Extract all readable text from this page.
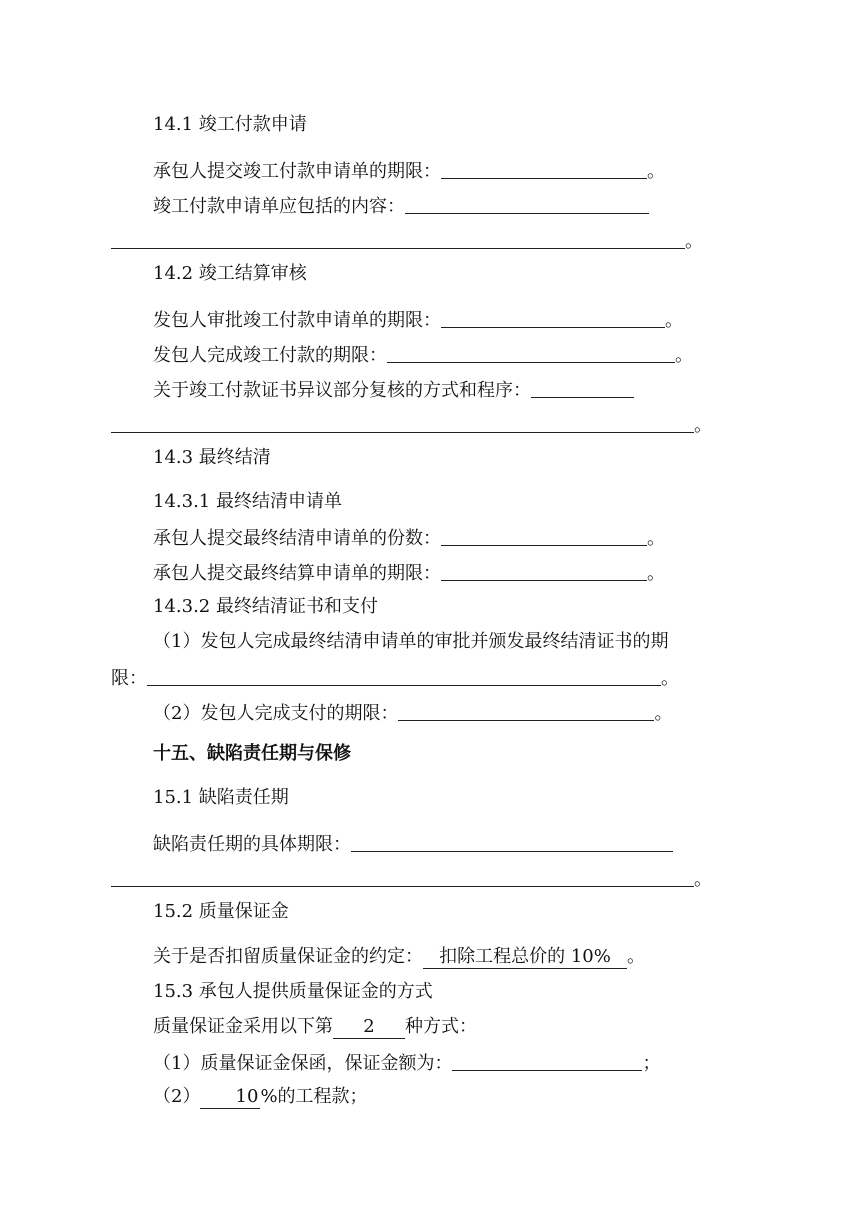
14.1 竣工付款申请
承包人提交竣工付款申请单的期限：	。
竣工付款申请单应包括的内容：
。
14.2 竣工结算审核
发包人审批竣工付款申请单的期限：	。
发包人完成竣工付款的期限：	。
关于竣工付款证书异议部分复核的方式和程序：
。
14.3 最终结清
14.3.1 最终结清申请单
承包人提交最终结清申请单的份数：	。
承包人提交最终结算申请单的期限：	。
14.3.2 最终结清证书和支付
（1）发包人完成最终结清申请单的审批并颁发最终结清证书的期
限：	。
（2）发包人完成支付的期限：	。
十五、缺陷责任期与保修
15.1 缺陷责任期
缺陷责任期的具体期限：
。
15.2 质量保证金
关于是否扣留质量保证金的约定： 扣除工程总价的 10% 。
15.3 承包人提供质量保证金的方式
质量保证金采用以下第 2 种方式：
（1）质量保证金保函，保证金额为：	；
（2） 10 %的工程款；
